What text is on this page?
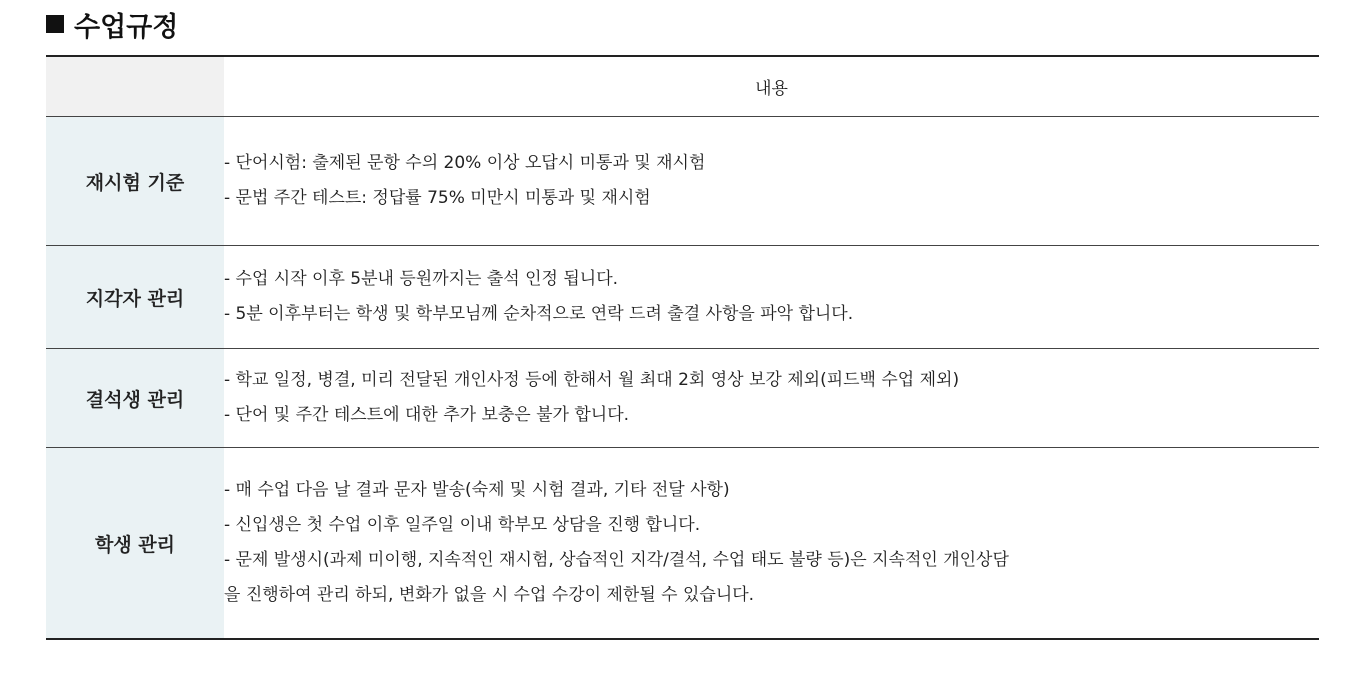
수업규정
	내용
재시험 기준	- 단어시험: 출제된 문항 수의 20% 이상 오답시 미통과 및 재시험
- 문법 주간 테스트: 정답률 75% 미만시 미통과 및 재시험

지각자 관리	- 수업 시작 이후 5분내 등원까지는 출석 인정 됩니다.
- 5분 이후부터는 학생 및 학부모님께 순차적으로 연락 드려 출결 사항을 파악 합니다.

결석생 관리	- 학교 일정, 병결, 미리 전달된 개인사정 등에 한해서 월 최대 2회 영상 보강 제외(피드백 수업 제외)
- 단어 및 주간 테스트에 대한 추가 보충은 불가 합니다.

학생 관리	- 매 수업 다음 날 결과 문자 발송(숙제 및 시험 결과, 기타 전달 사항)
- 신입생은 첫 수업 이후 일주일 이내 학부모 상담을 진행 합니다.
- 문제 발생시(과제 미이행, 지속적인 재시험, 상습적인 지각/결석, 수업 태도 불량 등)은 지속적인 개인상담
을 진행하여 관리 하되, 변화가 없을 시 수업 수강이 제한될 수 있습니다.
